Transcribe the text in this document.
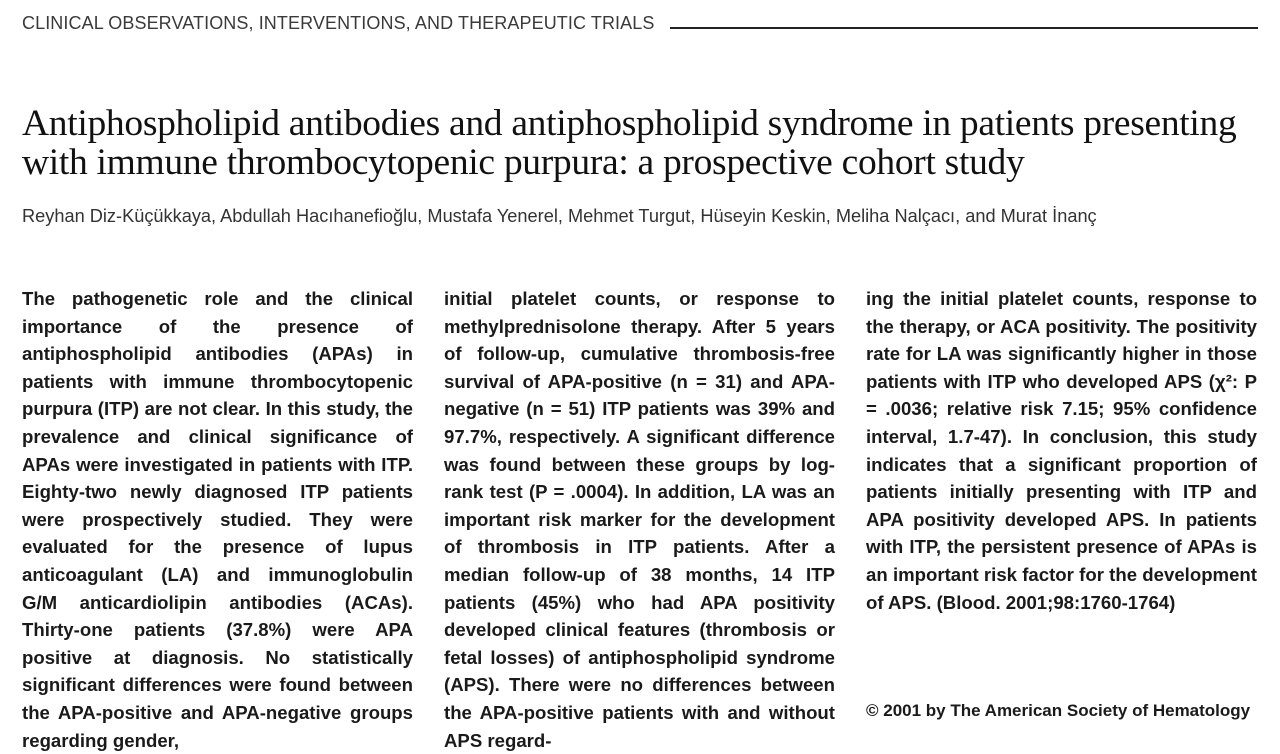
CLINICAL OBSERVATIONS, INTERVENTIONS, AND THERAPEUTIC TRIALS
Antiphospholipid antibodies and antiphospholipid syndrome in patients presenting with immune thrombocytopenic purpura: a prospective cohort study
Reyhan Diz-Küçükkaya, Abdullah Hacıhanefioğlu, Mustafa Yenerel, Mehmet Turgut, Hüseyin Keskin, Meliha Nalçacı, and Murat İnanç

The pathogenetic role and the clinical importance of the presence of antiphospholipid antibodies (APAs) in patients with immune thrombocytopenic purpura (ITP) are not clear. In this study, the prevalence and clinical significance of APAs were investigated in patients with ITP. Eighty-two newly diagnosed ITP patients were prospectively studied. They were evaluated for the presence of lupus anticoagulant (LA) and immunoglobulin G/M anticardiolipin antibodies (ACAs). Thirty-one patients (37.8%) were APA positive at diagnosis. No statistically significant differences were found between the APA-positive and APA-negative groups regarding gender,

initial platelet counts, or response to methylprednisolone therapy. After 5 years of follow-up, cumulative thrombosis-free survival of APA-positive (n = 31) and APA-negative (n = 51) ITP patients was 39% and 97.7%, respectively. A significant difference was found between these groups by log-rank test (P = .0004). In addition, LA was an important risk marker for the development of thrombosis in ITP patients. After a median follow-up of 38 months, 14 ITP patients (45%) who had APA positivity developed clinical features (thrombosis or fetal losses) of antiphospholipid syndrome (APS). There were no differences between the APA-positive patients with and without APS regard-

ing the initial platelet counts, response to the therapy, or ACA positivity. The positivity rate for LA was significantly higher in those patients with ITP who developed APS (χ²: P = .0036; relative risk 7.15; 95% confidence interval, 1.7-47). In conclusion, this study indicates that a significant proportion of patients initially presenting with ITP and APA positivity developed APS. In patients with ITP, the persistent presence of APAs is an important risk factor for the development of APS. (Blood. 2001;98:1760-1764)

© 2001 by The American Society of Hematology
